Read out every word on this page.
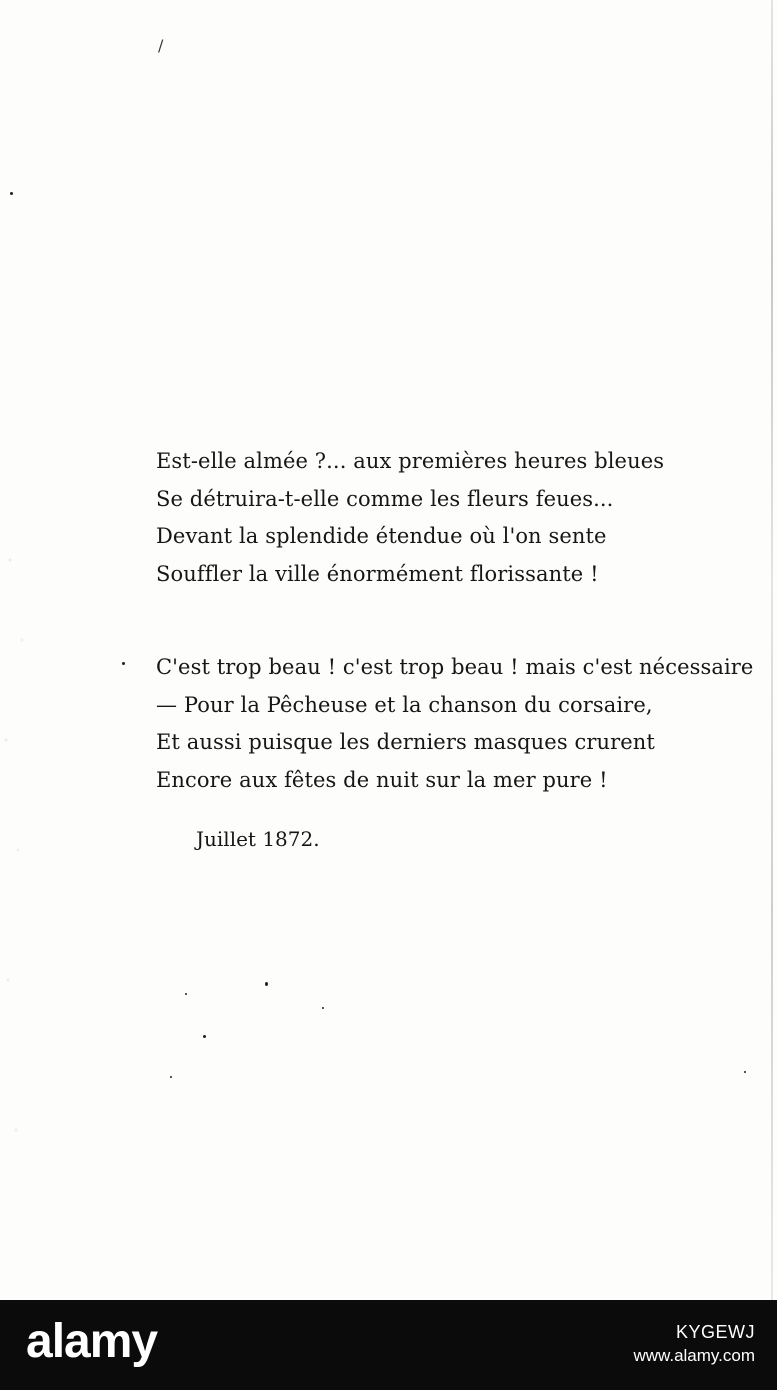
/
Est-elle almée ?... aux premières heures bleues
Se détruira-t-elle comme les fleurs feues...
Devant la splendide étendue où l'on sente
Souffler la ville énormément florissante !
C'est trop beau ! c'est trop beau ! mais c'est nécessaire
— Pour la Pêcheuse et la chanson du corsaire,
Et aussi puisque les derniers masques crurent
Encore aux fêtes de nuit sur la mer pure !
Juillet 1872.
alamy	KYGEWJ
www.alamy.com
